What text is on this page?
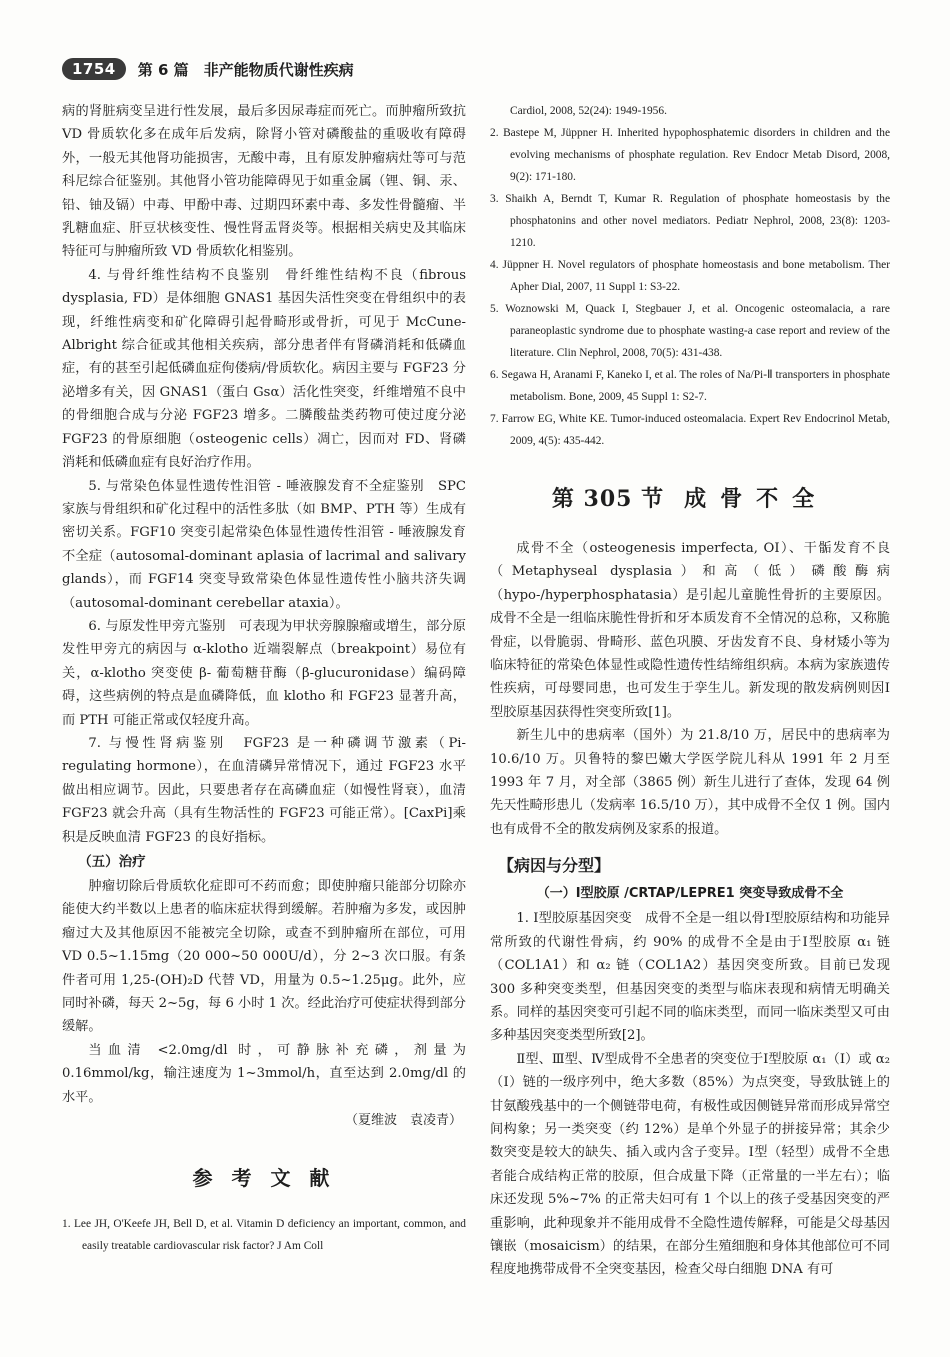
1754	第 6 篇　非产能物质代谢性疾病

病的肾脏病变呈进行性发展，最后多因尿毒症而死亡。而肿瘤所致抗 VD 骨质软化多在成年后发病，除肾小管对磷酸盐的重吸收有障碍外，一般无其他肾功能损害，无酸中毒，且有原发肿瘤病灶等可与范科尼综合征鉴别。其他肾小管功能障碍见于如重金属（锂、铜、汞、铅、铀及镉）中毒、甲酚中毒、过期四环素中毒、多发性骨髓瘤、半乳糖血症、肝豆状核变性、慢性肾盂肾炎等。根据相关病史及其临床特征可与肿瘤所致 VD 骨质软化相鉴别。

4. 与骨纤维性结构不良鉴别　骨纤维性结构不良（fibrous dysplasia, FD）是体细胞 GNAS1 基因失活性突变在骨组织中的表现，纤维性病变和矿化障碍引起骨畸形或骨折，可见于 McCune-Albright 综合征或其他相关疾病，部分患者伴有肾磷消耗和低磷血症，有的甚至引起低磷血症佝偻病/骨质软化。病因主要与 FGF23 分泌增多有关，因 GNAS1（蛋白 Gsα）活化性突变，纤维增殖不良中的骨细胞合成与分泌 FGF23 增多。二膦酸盐类药物可使过度分泌 FGF23 的骨原细胞（osteogenic cells）凋亡，因而对 FD、肾磷消耗和低磷血症有良好治疗作用。

5. 与常染色体显性遗传性泪管 - 唾液腺发育不全症鉴别　SPC 家族与骨组织和矿化过程中的活性多肽（如 BMP、PTH 等）生成有密切关系。FGF10 突变引起常染色体显性遗传性泪管 - 唾液腺发育不全症（autosomal-dominant aplasia of lacrimal and salivary glands），而 FGF14 突变导致常染色体显性遗传性小脑共济失调（autosomal-dominant cerebellar ataxia）。

6. 与原发性甲旁亢鉴别　可表现为甲状旁腺腺瘤或增生，部分原发性甲旁亢的病因与 α-klotho 近端裂解点（breakpoint）易位有关，α-klotho 突变使 β- 葡萄糖苷酶（β-glucuronidase）编码障碍，这些病例的特点是血磷降低，血 klotho 和 FGF23 显著升高，而 PTH 可能正常或仅轻度升高。

7. 与慢性肾病鉴别　FGF23 是一种磷调节激素（Pi-regulating hormone），在血清磷异常情况下，通过 FGF23 水平做出相应调节。因此，只要患者存在高磷血症（如慢性肾衰），血清 FGF23 就会升高（具有生物活性的 FGF23 可能正常）。[CaxPi]乘积是反映血清 FGF23 的良好指标。

（五）治疗

肿瘤切除后骨质软化症即可不药而愈；即使肿瘤只能部分切除亦能使大约半数以上患者的临床症状得到缓解。若肿瘤为多发，或因肿瘤过大及其他原因不能被完全切除，或查不到肿瘤所在部位，可用 VD 0.5~1.15mg（20 000~50 000U/d），分 2~3 次口服。有条件者可用 1,25-(OH)₂D 代替 VD，用量为 0.5~1.25μg。此外，应同时补磷，每天 2~5g，每 6 小时 1 次。经此治疗可使症状得到部分缓解。

当血清 <2.0mg/dl 时，可静脉补充磷，剂量为 0.16mmol/kg，输注速度为 1~3mmol/h，直至达到 2.0mg/dl 的水平。

（夏维波　袁凌青）
参 考 文 献

1. Lee JH, O'Keefe JH, Bell D, et al. Vitamin D deficiency an important, common, and easily treatable cardiovascular risk factor? J Am Coll

Cardiol, 2008, 52(24): 1949-1956.

2. Bastepe M, Jüppner H. Inherited hypophosphatemic disorders in children and the evolving mechanisms of phosphate regulation. Rev Endocr Metab Disord, 2008, 9(2): 171-180.

3. Shaikh A, Berndt T, Kumar R. Regulation of phosphate homeostasis by the phosphatonins and other novel mediators. Pediatr Nephrol, 2008, 23(8): 1203-1210.

4. Jüppner H. Novel regulators of phosphate homeostasis and bone metabolism. Ther Apher Dial, 2007, 11 Suppl 1: S3-22.

5. Woznowski M, Quack I, Stegbauer J, et al. Oncogenic osteomalacia, a rare paraneoplastic syndrome due to phosphate wasting-a case report and review of the literature. Clin Nephrol, 2008, 70(5): 431-438.

6. Segawa H, Aranami F, Kaneko I, et al. The roles of Na/Pi-Ⅱ transporters in phosphate metabolism. Bone, 2009, 45 Suppl 1: S2-7.

7. Farrow EG, White KE. Tumor-induced osteomalacia. Expert Rev Endocrinol Metab, 2009, 4(5): 435-442.

第 305 节 成骨不全

成骨不全（osteogenesis imperfecta, OI）、干骺发育不良（Metaphyseal dysplasia）和高（低）磷酸酶病（hypo-/hyperphosphatasia）是引起儿童脆性骨折的主要原因。成骨不全是一组临床脆性骨折和牙本质发育不全情况的总称，又称脆骨症，以骨脆弱、骨畸形、蓝色巩膜、牙齿发育不良、身材矮小等为临床特征的常染色体显性或隐性遗传性结缔组织病。本病为家族遗传性疾病，可母婴同患，也可发生于孪生儿。新发现的散发病例则因Ⅰ型胶原基因获得性突变所致[1]。

新生儿中的患病率（国外）为 21.8/10 万，居民中的患病率为 10.6/10 万。贝鲁特的黎巴嫩大学医学院儿科从 1991 年 2 月至 1993 年 7 月，对全部（3865 例）新生儿进行了查体，发现 64 例先天性畸形患儿（发病率 16.5/10 万），其中成骨不全仅 1 例。国内也有成骨不全的散发病例及家系的报道。

【病因与分型】
（一）Ⅰ型胶原 /CRTAP/LEPRE1 突变导致成骨不全

1. Ⅰ型胶原基因突变　成骨不全是一组以骨Ⅰ型胶原结构和功能异常所致的代谢性骨病，约 90% 的成骨不全是由于Ⅰ型胶原 α₁ 链（COL1A1）和 α₂ 链（COL1A2）基因突变所致。目前已发现 300 多种突变类型，但基因突变的类型与临床表现和病情无明确关系。同样的基因突变可引起不同的临床类型，而同一临床类型又可由多种基因突变类型所致[2]。

Ⅱ型、Ⅲ型、Ⅳ型成骨不全患者的突变位于Ⅰ型胶原 α₁（Ⅰ）或 α₂（Ⅰ）链的一级序列中，绝大多数（85%）为点突变，导致肽链上的甘氨酸残基中的一个侧链带电荷，有极性或因侧链异常而形成异常空间构象；另一类突变（约 12%）是单个外显子的拼接异常；其余少数突变是较大的缺失、插入或内含子变异。Ⅰ型（轻型）成骨不全患者能合成结构正常的胶原，但合成量下降（正常量的一半左右）；临床还发现 5%~7% 的正常夫妇可有 1 个以上的孩子受基因突变的严重影响，此种现象并不能用成骨不全隐性遗传解释，可能是父母基因镶嵌（mosaicism）的结果，在部分生殖细胞和身体其他部位可不同程度地携带成骨不全突变基因，检查父母白细胞 DNA 有可
